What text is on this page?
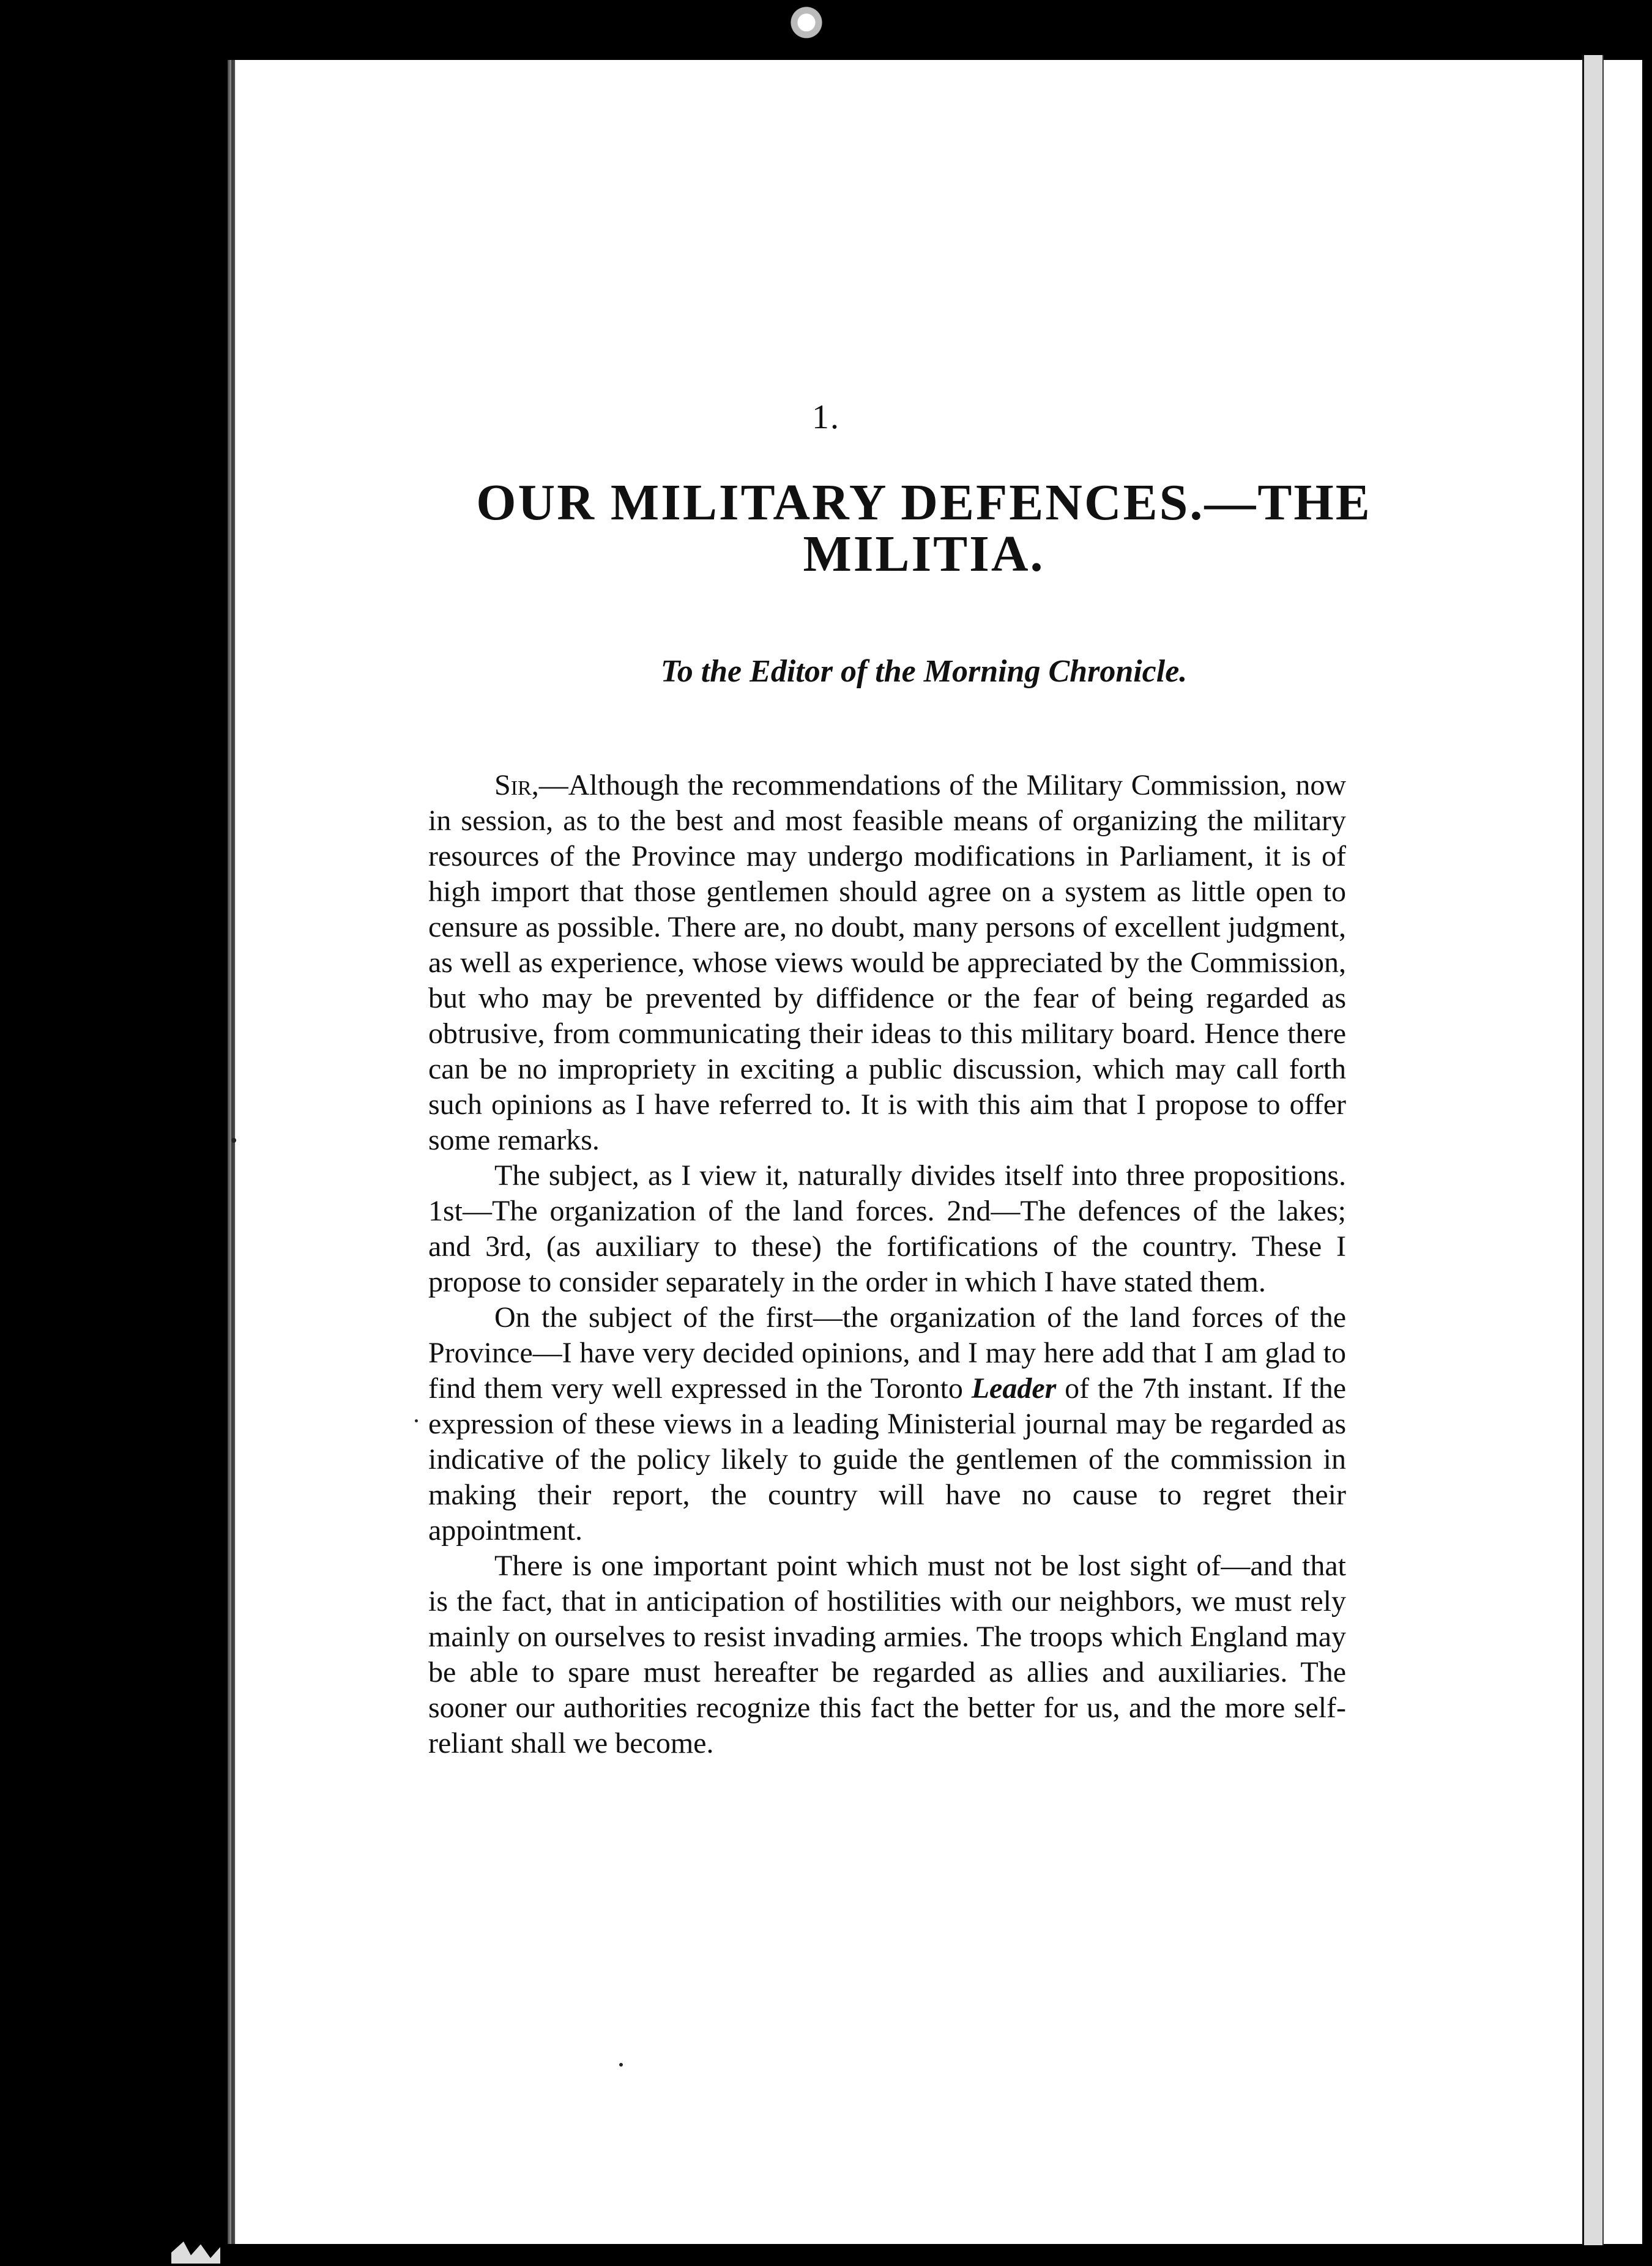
1.
OUR MILITARY DEFENCES.—THE MILITIA.
To the Editor of the Morning Chronicle.

Sir,—Although the recommendations of the Military Commission, now in session, as to the best and most feasible means of organizing the military resources of the Province may undergo modifications in Parliament, it is of high import that those gentlemen should agree on a system as little open to censure as possible. There are, no doubt, many persons of excellent judgment, as well as experience, whose views would be appreciated by the Commission, but who may be prevented by diffidence or the fear of being regarded as obtrusive, from communicating their ideas to this military board. Hence there can be no impropriety in exciting a public discussion, which may call forth such opinions as I have referred to. It is with this aim that I propose to offer some remarks.

The subject, as I view it, naturally divides itself into three propositions. 1st—The organization of the land forces. 2nd—The defences of the lakes; and 3rd, (as auxiliary to these) the fortifications of the country. These I propose to consider separately in the order in which I have stated them.

On the subject of the first—the organization of the land forces of the Province—I have very decided opinions, and I may here add that I am glad to find them very well expressed in the Toronto Leader of the 7th instant. If the expression of these views in a leading Ministerial journal may be regarded as indicative of the policy likely to guide the gentlemen of the commission in making their report, the country will have no cause to regret their appointment.

There is one important point which must not be lost sight of—and that is the fact, that in anticipation of hostilities with our neighbors, we must rely mainly on ourselves to resist invading armies. The troops which England may be able to spare must hereafter be regarded as allies and auxiliaries. The sooner our authorities recognize this fact the better for us, and the more self-reliant shall we become.
